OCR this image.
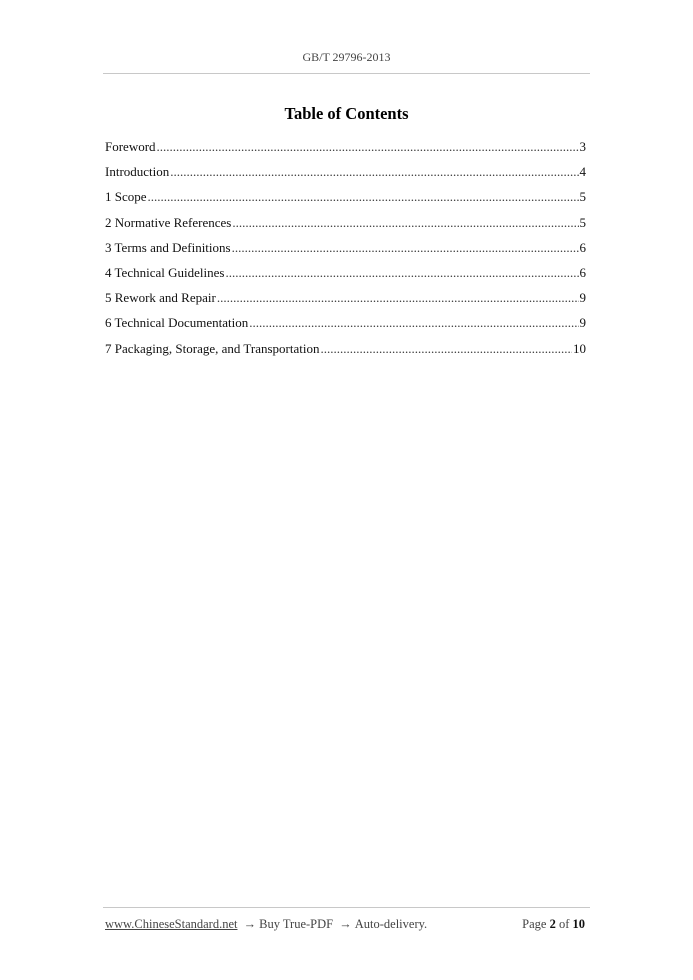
GB/T 29796-2013
Table of Contents
Foreword .....	3
Introduction .....	4
1 Scope .....	5
2 Normative References .....	5
3 Terms and Definitions .....	6
4 Technical Guidelines .....	6
5 Rework and Repair .....	9
6 Technical Documentation .....	9
7 Packaging, Storage, and Transportation .....	10
www.ChineseStandard.net → Buy True-PDF → Auto-delivery.	Page 2 of 10
